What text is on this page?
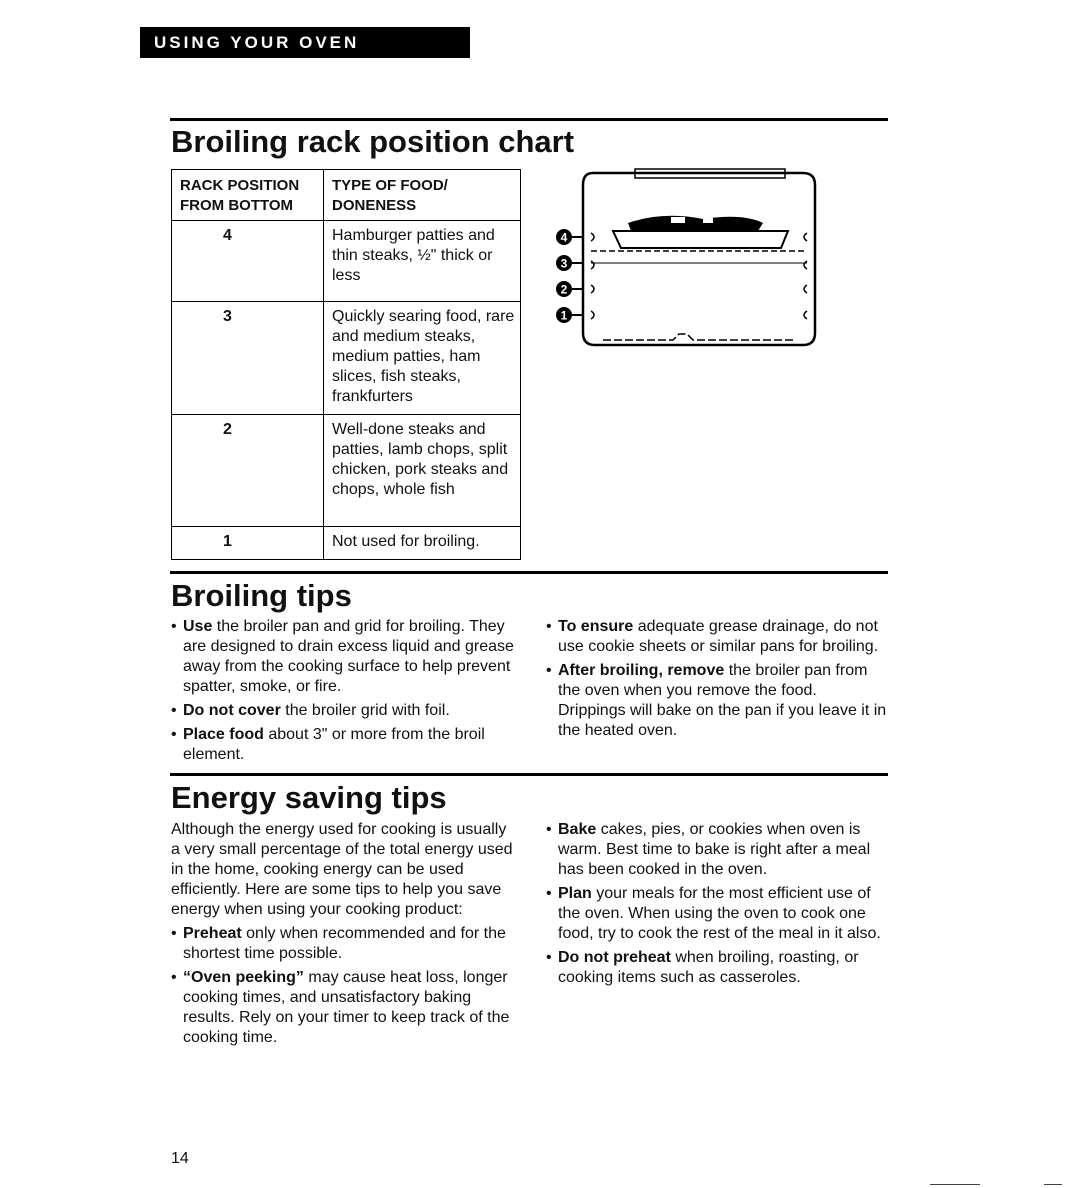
USING YOUR OVEN
Broiling rack position chart
RACK POSITION FROM BOTTOM	TYPE OF FOOD/ DONENESS
4	Hamburger patties and thin steaks, ½" thick or less
3	Quickly searing food, rare and medium steaks, medium patties, ham slices, fish steaks, frankfurters
2	Well-done steaks and patties, lamb chops, split chicken, pork steaks and chops, whole fish
1	Not used for broiling.
4
3
2
1
Broiling tips

• Use the broiler pan and grid for broiling. They are designed to drain excess liquid and grease away from the cooking surface to help prevent spatter, smoke, or fire.

• Do not cover the broiler grid with foil.

• Place food about 3" or more from the broil element.

• To ensure adequate grease drainage, do not use cookie sheets or similar pans for broiling.

• After broiling, remove the broiler pan from the oven when you remove the food. Drippings will bake on the pan if you leave it in the heated oven.

Energy saving tips

Although the energy used for cooking is usually a very small percentage of the total energy used in the home, cooking energy can be used efficiently. Here are some tips to help you save energy when using your cooking product:

• Preheat only when recommended and for the shortest time possible.

• “Oven peeking” may cause heat loss, longer cooking times, and unsatisfactory baking results. Rely on your timer to keep track of the cooking time.

• Bake cakes, pies, or cookies when oven is warm. Best time to bake is right after a meal has been cooked in the oven.

• Plan your meals for the most efficient use of the oven. When using the oven to cook one food, try to cook the rest of the meal in it also.

• Do not preheat when broiling, roasting, or cooking items such as casseroles.

14
